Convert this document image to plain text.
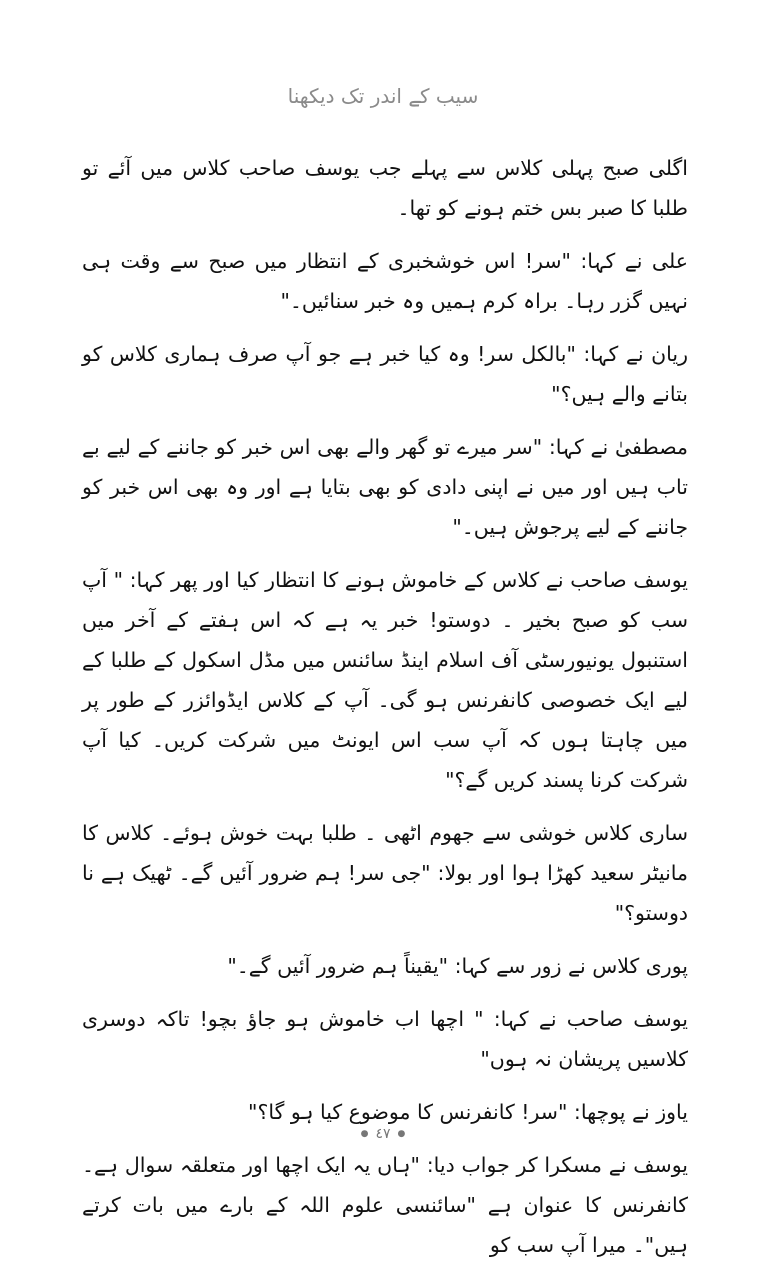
سیب کے اندر تک دیکھنا

اگلی صبح پہلی کلاس سے پہلے جب یوسف صاحب کلاس میں آئے تو طلبا کا صبر بس ختم ہونے کو تھا۔

علی نے کہا: "سر! اس خوشخبری کے انتظار میں صبح سے وقت ہی نہیں گزر رہا۔ براہ کرم ہمیں وہ خبر سنائیں۔"

ریان نے کہا: "بالکل سر! وہ کیا خبر ہے جو آپ صرف ہماری کلاس کو بتانے والے ہیں؟"

مصطفیٰ نے کہا: "سر میرے تو گھر والے بھی اس خبر کو جاننے کے لیے بے تاب ہیں اور میں نے اپنی دادی کو بھی بتایا ہے اور وہ بھی اس خبر کو جاننے کے لیے پرجوش ہیں۔"

یوسف صاحب نے کلاس کے خاموش ہونے کا انتظار کیا اور پھر کہا: " آپ سب کو صبح بخیر ۔ دوستو! خبر یہ ہے کہ اس ہفتے کے آخر میں استنبول یونیورسٹی آف اسلام اینڈ سائنس میں مڈل اسکول کے طلبا کے لیے ایک خصوصی کانفرنس ہو گی۔ آپ کے کلاس ایڈوائزر کے طور پر میں چاہتا ہوں کہ آپ سب اس ایونٹ میں شرکت کریں۔ کیا آپ شرکت کرنا پسند کریں گے؟"

ساری کلاس خوشی سے جھوم اٹھی ۔ طلبا بہت خوش ہوئے۔ کلاس کا مانیٹر سعید کھڑا ہوا اور بولا: "جی سر! ہم ضرور آئیں گے۔ ٹھیک ہے نا دوستو؟"

پوری کلاس نے زور سے کہا: "یقیناً ہم ضرور آئیں گے۔"

یوسف صاحب نے کہا: " اچھا اب خاموش ہو جاؤ بچو! تاکہ دوسری کلاسیں پریشان نہ ہوں"

یاوز نے پوچھا: "سر! کانفرنس کا موضوع کیا ہو گا؟"

یوسف نے مسکرا کر جواب دیا: "ہاں یہ ایک اچھا اور متعلقہ سوال ہے۔ کانفرنس کا عنوان ہے "سائنسی علوم اللہ کے بارے میں بات کرتے ہیں"۔ میرا آپ سب کو

● ٤٧ ●
